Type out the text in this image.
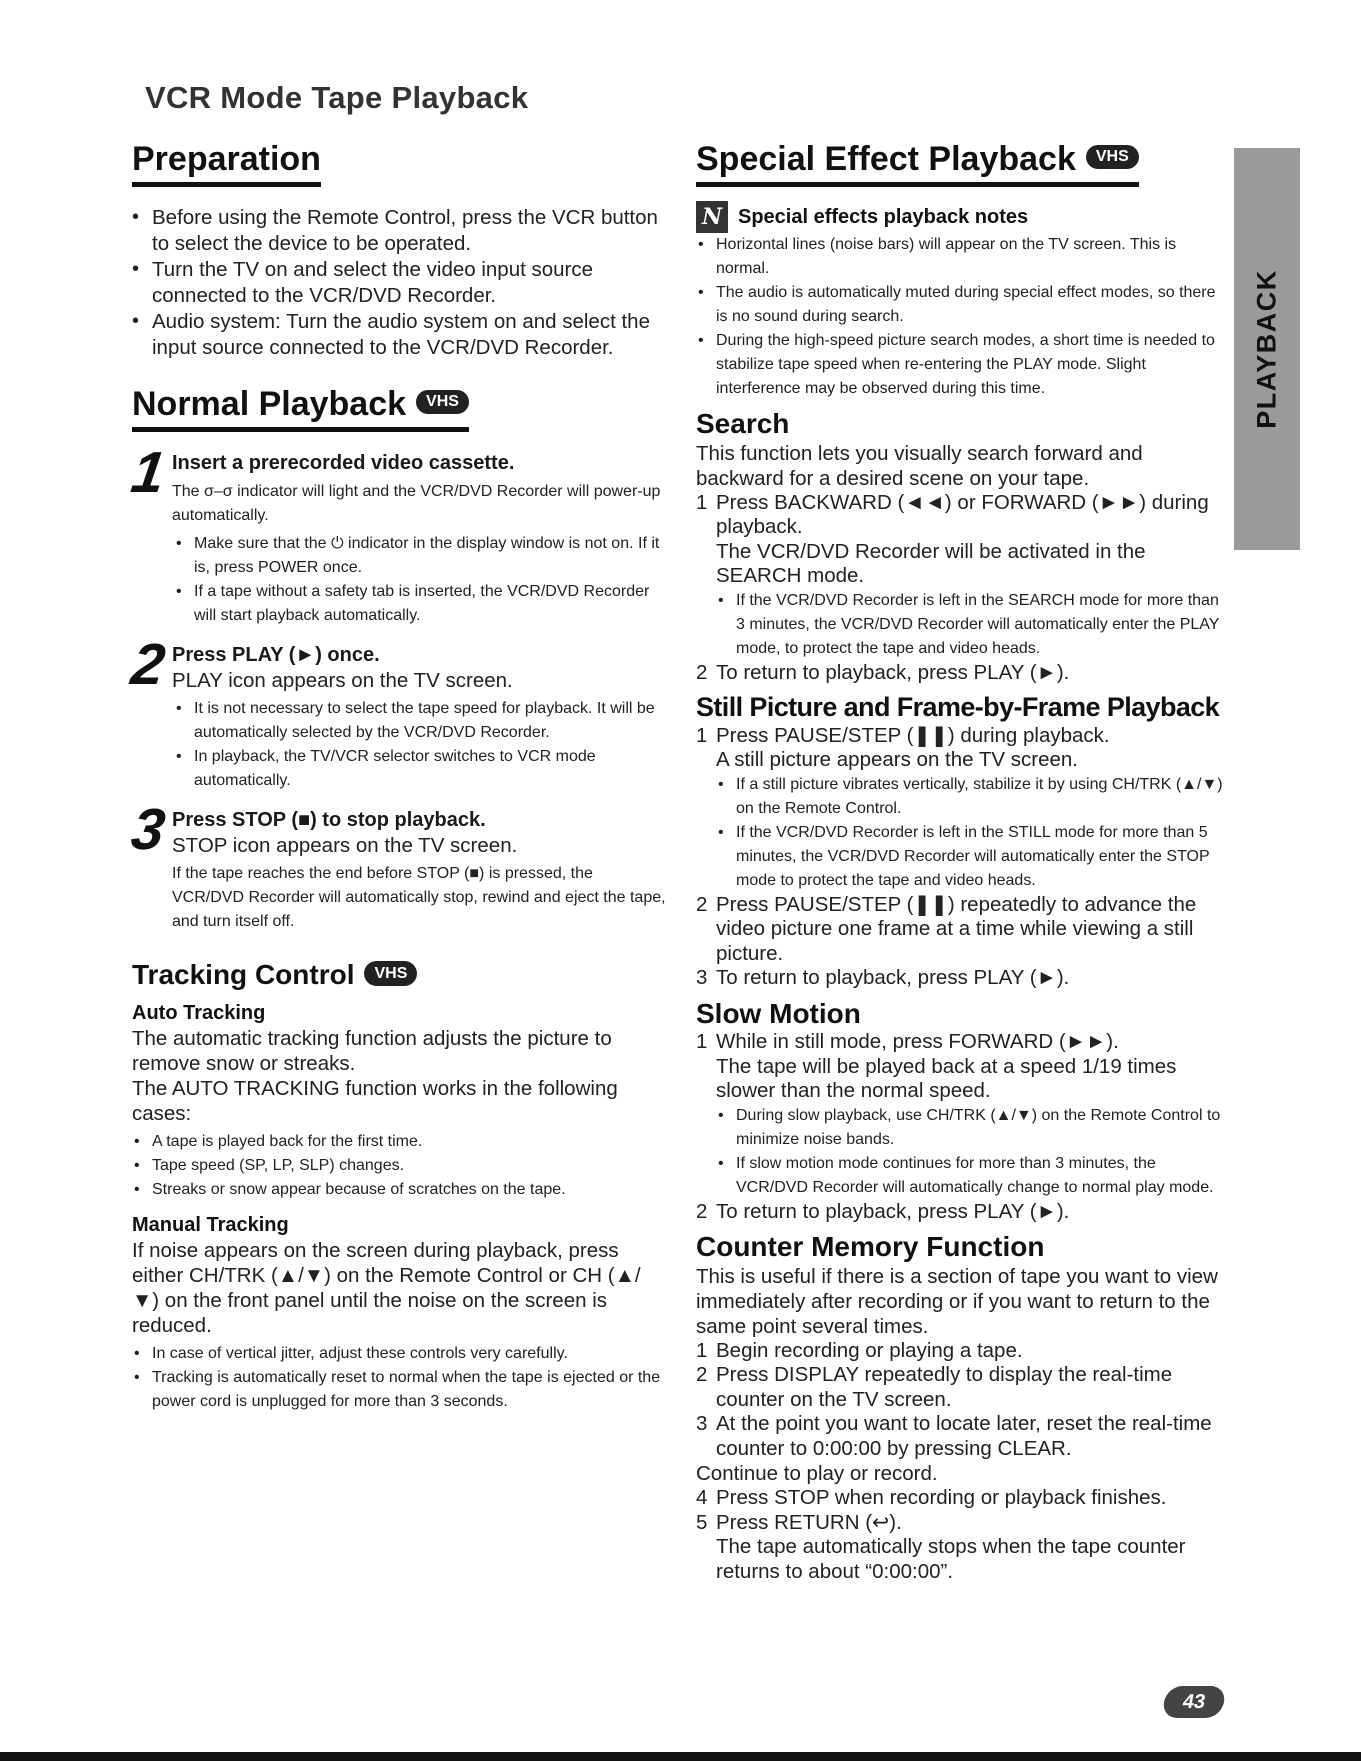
VCR Mode Tape Playback
Preparation
• Before using the Remote Control, press the VCR button to select the device to be operated.
• Turn the TV on and select the video input source connected to the VCR/DVD Recorder.
• Audio system: Turn the audio system on and select the input source connected to the VCR/DVD Recorder.
Normal Playback VHS
1 Insert a prerecorded video cassette.
The σ–σ indicator will light and the VCR/DVD Recorder will power-up automatically.
• Make sure that the ⏻ indicator in the display window is not on. If it is, press POWER once.
• If a tape without a safety tab is inserted, the VCR/DVD Recorder will start playback automatically.
2 Press PLAY (►) once.
PLAY icon appears on the TV screen.
• It is not necessary to select the tape speed for playback. It will be automatically selected by the VCR/DVD Recorder.
• In playback, the TV/VCR selector switches to VCR mode automatically.
3 Press STOP (■) to stop playback.
STOP icon appears on the TV screen.
If the tape reaches the end before STOP (■) is pressed, the VCR/DVD Recorder will automatically stop, rewind and eject the tape, and turn itself off.
Tracking Control VHS
Auto Tracking
The automatic tracking function adjusts the picture to remove snow or streaks.
The AUTO TRACKING function works in the following cases:
• A tape is played back for the first time.
• Tape speed (SP, LP, SLP) changes.
• Streaks or snow appear because of scratches on the tape.
Manual Tracking
If noise appears on the screen during playback, press either CH/TRK (▲/▼) on the Remote Control or CH (▲/▼) on the front panel until the noise on the screen is reduced.
• In case of vertical jitter, adjust these controls very carefully.
• Tracking is automatically reset to normal when the tape is ejected or the power cord is unplugged for more than 3 seconds.
Special Effect Playback VHS
N Special effects playback notes
• Horizontal lines (noise bars) will appear on the TV screen. This is normal.
• The audio is automatically muted during special effect modes, so there is no sound during search.
• During the high-speed picture search modes, a short time is needed to stabilize tape speed when re-entering the PLAY mode. Slight interference may be observed during this time.
Search
This function lets you visually search forward and backward for a desired scene on your tape.
1 Press BACKWARD (◄◄) or FORWARD (►►) during playback.
The VCR/DVD Recorder will be activated in the SEARCH mode.
• If the VCR/DVD Recorder is left in the SEARCH mode for more than 3 minutes, the VCR/DVD Recorder will automatically enter the PLAY mode, to protect the tape and video heads.
2 To return to playback, press PLAY (►).
Still Picture and Frame-by-Frame Playback
1 Press PAUSE/STEP (❚❚) during playback.
A still picture appears on the TV screen.
• If a still picture vibrates vertically, stabilize it by using CH/TRK (▲/▼) on the Remote Control.
• If the VCR/DVD Recorder is left in the STILL mode for more than 5 minutes, the VCR/DVD Recorder will automatically enter the STOP mode to protect the tape and video heads.
2 Press PAUSE/STEP (❚❚) repeatedly to advance the video picture one frame at a time while viewing a still picture.
3 To return to playback, press PLAY (►).
Slow Motion
1 While in still mode, press FORWARD (►►).
The tape will be played back at a speed 1/19 times slower than the normal speed.
• During slow playback, use CH/TRK (▲/▼) on the Remote Control to minimize noise bands.
• If slow motion mode continues for more than 3 minutes, the VCR/DVD Recorder will automatically change to normal play mode.
2 To return to playback, press PLAY (►).
Counter Memory Function
This is useful if there is a section of tape you want to view immediately after recording or if you want to return to the same point several times.
1 Begin recording or playing a tape.
2 Press DISPLAY repeatedly to display the real-time counter on the TV screen.
3 At the point you want to locate later, reset the real-time counter to 0:00:00 by pressing CLEAR.
Continue to play or record.
4 Press STOP when recording or playback finishes.
5 Press RETURN (↩).
The tape automatically stops when the tape counter returns to about “0:00:00”.
PLAYBACK
43
